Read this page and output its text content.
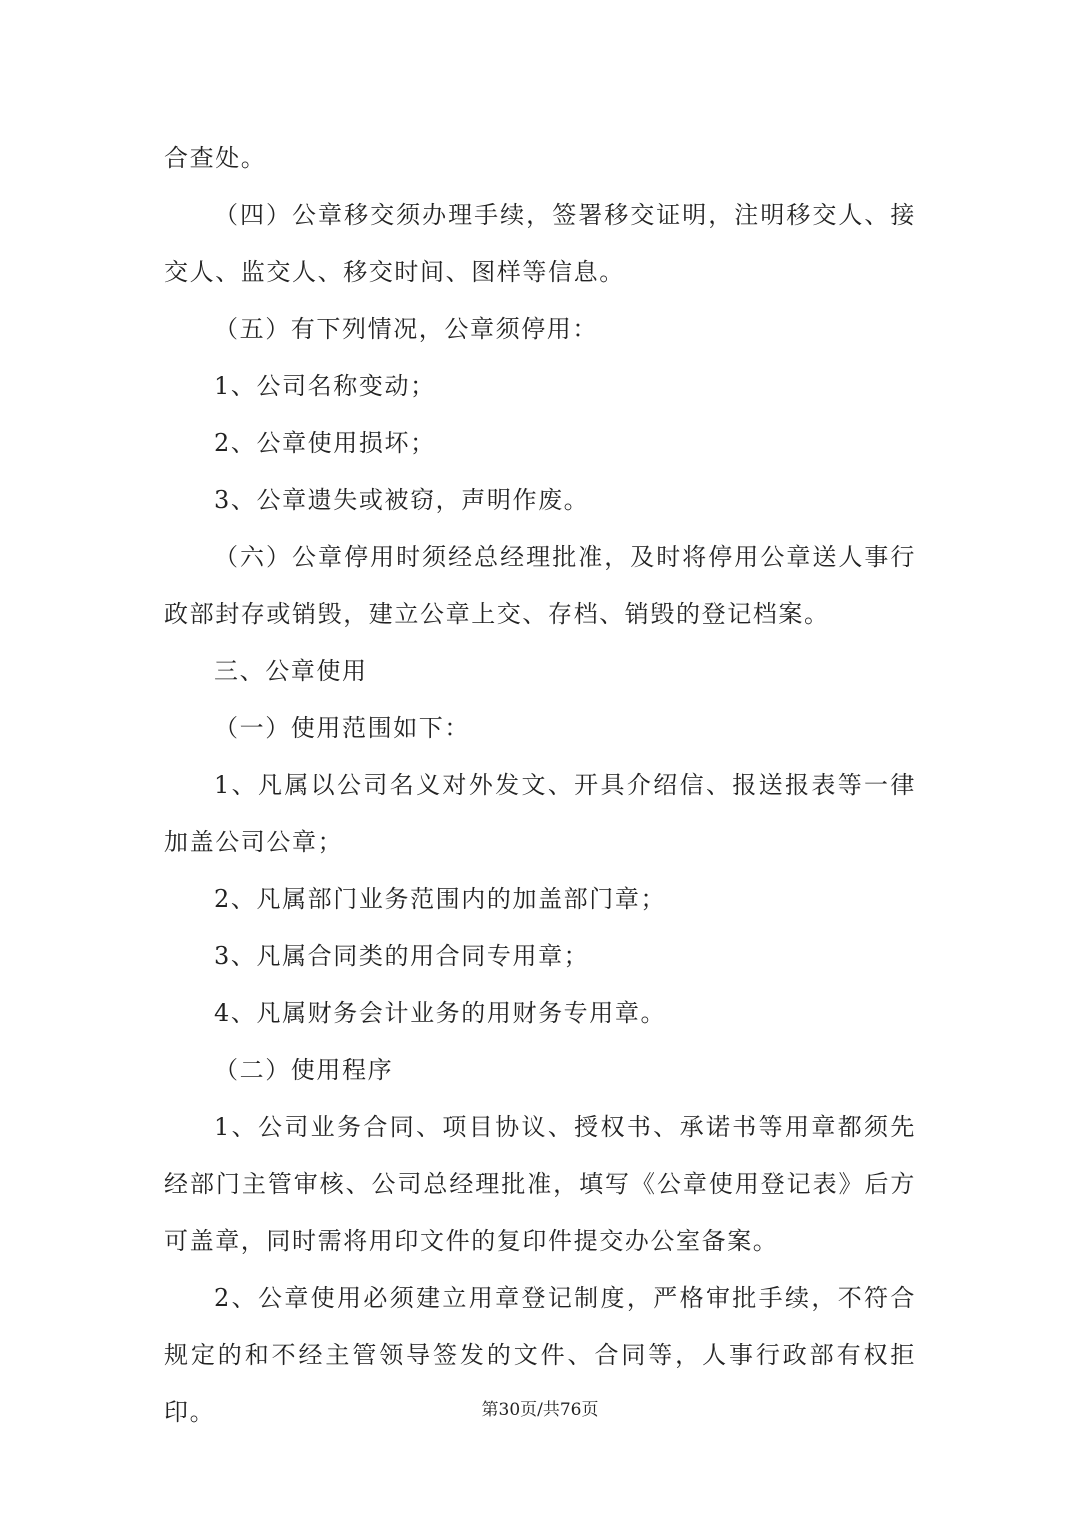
合查处。

（四）公章移交须办理手续，签署移交证明，注明移交人、接交人、监交人、移交时间、图样等信息。

（五）有下列情况，公章须停用：

1、公司名称变动；

2、公章使用损坏；

3、公章遗失或被窃，声明作废。

（六）公章停用时须经总经理批准，及时将停用公章送人事行政部封存或销毁，建立公章上交、存档、销毁的登记档案。

三、公章使用

（一）使用范围如下：

1、凡属以公司名义对外发文、开具介绍信、报送报表等一律加盖公司公章；

2、凡属部门业务范围内的加盖部门章；

3、凡属合同类的用合同专用章；

4、凡属财务会计业务的用财务专用章。

（二）使用程序

1、公司业务合同、项目协议、授权书、承诺书等用章都须先经部门主管审核、公司总经理批准，填写《公章使用登记表》后方可盖章，同时需将用印文件的复印件提交办公室备案。

2、公章使用必须建立用章登记制度，严格审批手续，不符合规定的和不经主管领导签发的文件、合同等，人事行政部有权拒印。	第30页/共76页
